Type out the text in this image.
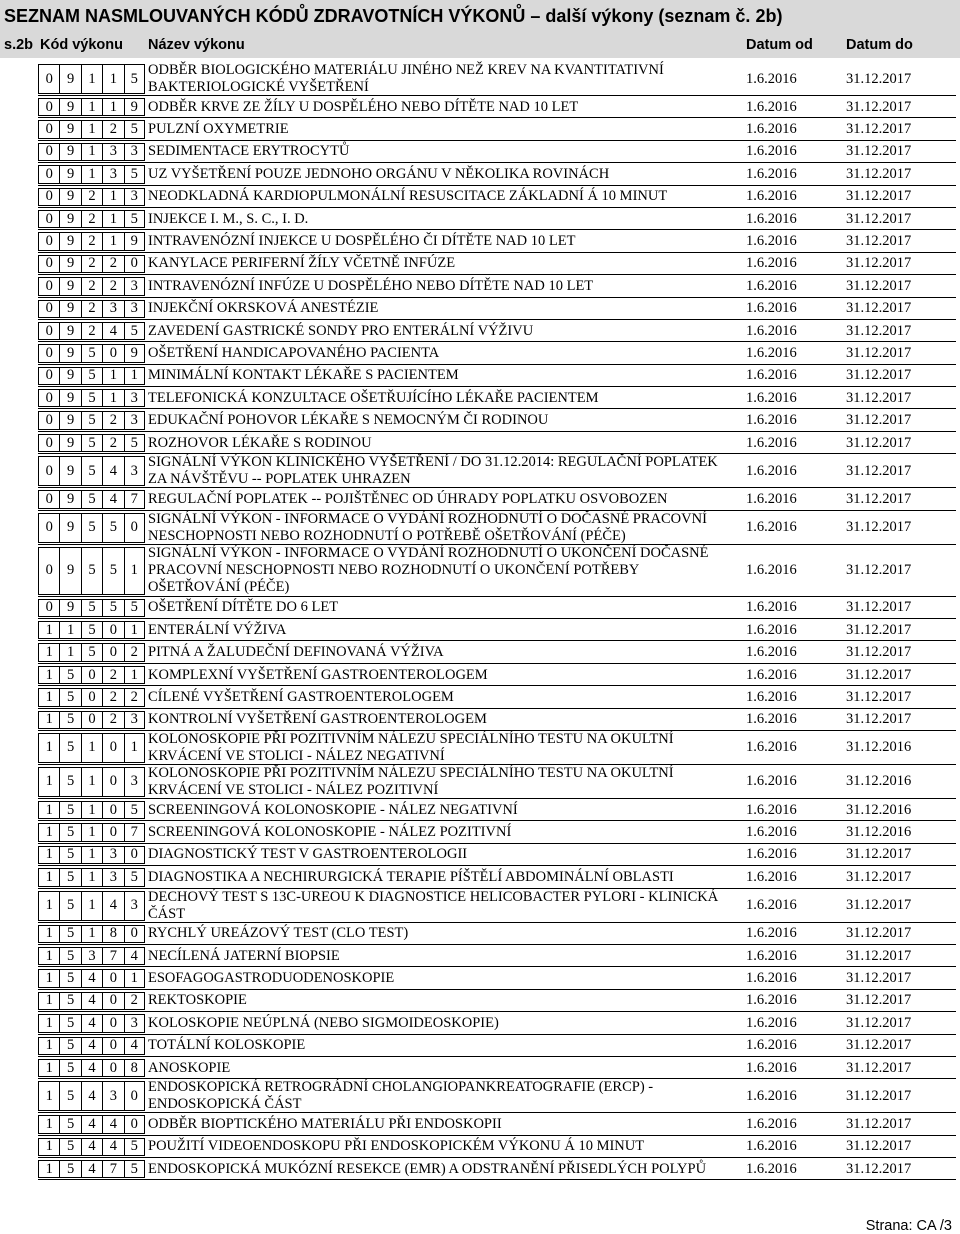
SEZNAM NASMLOUVANÝCH KÓDŮ ZDRAVOTNÍCH VÝKONŮ – další výkony (seznam č. 2b)
s.2b Kód výkonu Název výkonu	Datum od Datum do
0 9 1 1 5
ODBĚR BIOLOGICKÉHO MATERIÁLU JINÉHO NEŽ KREV NA KVANTITATIVNÍ
BAKTERIOLOGICKÉ VYŠETŘENÍ
1.6.2016	31.12.2017
0 9 1 1 9 ODBĚR KRVE ZE ŽÍLY U DOSPĚLÉHO NEBO DÍTĚTE NAD 10 LET	1.6.2016	31.12.2017
0 9 1 2 5 PULZNÍ OXYMETRIE	1.6.2016	31.12.2017
0 9 1 3 3 SEDIMENTACE ERYTROCYTŮ	1.6.2016	31.12.2017
0 9 1 3 5 UZ VYŠETŘENÍ POUZE JEDNOHO ORGÁNU V NĚKOLIKA ROVINÁCH	1.6.2016	31.12.2017
0 9 2 1 3 NEODKLADNÁ KARDIOPULMONÁLNÍ RESUSCITACE ZÁKLADNÍ Á 10 MINUT	1.6.2016	31.12.2017
0 9 2 1 5 INJEKCE I. M., S. C., I. D.	1.6.2016	31.12.2017
0 9 2 1 9 INTRAVENÓZNÍ INJEKCE U DOSPĚLÉHO ČI DÍTĚTE NAD 10 LET	1.6.2016	31.12.2017
0 9 2 2 0 KANYLACE PERIFERNÍ ŽÍLY VČETNĚ INFÚZE	1.6.2016	31.12.2017
0 9 2 2 3 INTRAVENÓZNÍ INFÚZE U DOSPĚLÉHO NEBO DÍTĚTE NAD 10 LET	1.6.2016	31.12.2017
0 9 2 3 3 INJEKČNÍ OKRSKOVÁ ANESTÉZIE	1.6.2016	31.12.2017
0 9 2 4 5 ZAVEDENÍ GASTRICKÉ SONDY PRO ENTERÁLNÍ VÝŽIVU	1.6.2016	31.12.2017
0 9 5 0 9 OŠETŘENÍ HANDICAPOVANÉHO PACIENTA	1.6.2016	31.12.2017
0 9 5 1 1 MINIMÁLNÍ KONTAKT LÉKAŘE S PACIENTEM	1.6.2016	31.12.2017
0 9 5 1 3 TELEFONICKÁ KONZULTACE OŠETŘUJÍCÍHO LÉKAŘE PACIENTEM	1.6.2016	31.12.2017
0 9 5 2 3 EDUKAČNÍ POHOVOR LÉKAŘE S NEMOCNÝM ČI RODINOU	1.6.2016	31.12.2017
0 9 5 2 5 ROZHOVOR LÉKAŘE S RODINOU	1.6.2016	31.12.2017
0 9 5 4 3
SIGNÁLNÍ VÝKON KLINICKÉHO VYŠETŘENÍ / DO 31.12.2014: REGULAČNÍ POPLATEK
ZA NÁVŠTĚVU -- POPLATEK UHRAZEN
1.6.2016	31.12.2017
0 9 5 4 7 REGULAČNÍ POPLATEK -- POJIŠTĚNEC OD ÚHRADY POPLATKU OSVOBOZEN	1.6.2016	31.12.2017
0 9 5 5 0
SIGNÁLNÍ VÝKON - INFORMACE O VYDÁNÍ ROZHODNUTÍ O DOČASNÉ PRACOVNÍ
NESCHOPNOSTI NEBO ROZHODNUTÍ O POTŘEBĚ OŠETŘOVÁNÍ (PÉČE)
1.6.2016	31.12.2017
0 9 5 5 1
SIGNÁLNÍ VÝKON - INFORMACE O VYDÁNÍ ROZHODNUTÍ O UKONČENÍ DOČASNÉ
PRACOVNÍ NESCHOPNOSTI NEBO ROZHODNUTÍ O UKONČENÍ POTŘEBY
OŠETŘOVÁNÍ (PÉČE)
1.6.2016	31.12.2017
0 9 5 5 5 OŠETŘENÍ DÍTĚTE DO 6 LET	1.6.2016	31.12.2017
1 1 5 0 1 ENTERÁLNÍ VÝŽIVA	1.6.2016	31.12.2017
1 1 5 0 2 PITNÁ A ŽALUDEČNÍ DEFINOVANÁ VÝŽIVA	1.6.2016	31.12.2017
1 5 0 2 1 KOMPLEXNÍ VYŠETŘENÍ GASTROENTEROLOGEM	1.6.2016	31.12.2017
1 5 0 2 2 CÍLENÉ VYŠETŘENÍ GASTROENTEROLOGEM	1.6.2016	31.12.2017
1 5 0 2 3 KONTROLNÍ VYŠETŘENÍ GASTROENTEROLOGEM	1.6.2016	31.12.2017
1 5 1 0 1
KOLONOSKOPIE PŘI POZITIVNÍM NÁLEZU SPECIÁLNÍHO TESTU NA OKULTNÍ
KRVÁCENÍ VE STOLICI - NÁLEZ NEGATIVNÍ
1.6.2016	31.12.2016
1 5 1 0 3
KOLONOSKOPIE PŘI POZITIVNÍM NÁLEZU SPECIÁLNÍHO TESTU NA OKULTNÍ
KRVÁCENÍ VE STOLICI - NÁLEZ POZITIVNÍ
1.6.2016	31.12.2016
1 5 1 0 5 SCREENINGOVÁ KOLONOSKOPIE - NÁLEZ NEGATIVNÍ	1.6.2016	31.12.2016
1 5 1 0 7 SCREENINGOVÁ KOLONOSKOPIE - NÁLEZ POZITIVNÍ	1.6.2016	31.12.2016
1 5 1 3 0 DIAGNOSTICKÝ TEST V GASTROENTEROLOGII	1.6.2016	31.12.2017
1 5 1 3 5 DIAGNOSTIKA A NECHIRURGICKÁ TERAPIE PÍŠTĚLÍ ABDOMINÁLNÍ OBLASTI	1.6.2016	31.12.2017
1 5 1 4 3
DECHOVÝ TEST S 13C-UREOU K DIAGNOSTICE HELICOBACTER PYLORI - KLINICKÁ
ČÁST
1.6.2016	31.12.2017
1 5 1 8 0 RYCHLÝ UREÁZOVÝ TEST (CLO TEST)	1.6.2016	31.12.2017
1 5 3 7 4 NECÍLENÁ JATERNÍ BIOPSIE	1.6.2016	31.12.2017
1 5 4 0 1 ESOFAGOGASTRODUODENOSKOPIE	1.6.2016	31.12.2017
1 5 4 0 2 REKTOSKOPIE	1.6.2016	31.12.2017
1 5 4 0 3 KOLOSKOPIE NEÚPLNÁ (NEBO SIGMOIDEOSKOPIE)	1.6.2016	31.12.2017
1 5 4 0 4 TOTÁLNÍ KOLOSKOPIE	1.6.2016	31.12.2017
1 5 4 0 8 ANOSKOPIE	1.6.2016	31.12.2017
1 5 4 3 0
ENDOSKOPICKÁ RETROGRÁDNÍ CHOLANGIOPANKREATOGRAFIE (ERCP) -
ENDOSKOPICKÁ ČÁST
1.6.2016	31.12.2017
1 5 4 4 0 ODBĚR BIOPTICKÉHO MATERIÁLU PŘI ENDOSKOPII	1.6.2016	31.12.2017
1 5 4 4 5 POUŽITÍ VIDEOENDOSKOPU PŘI ENDOSKOPICKÉM VÝKONU Á 10 MINUT	1.6.2016	31.12.2017
1 5 4 7 5 ENDOSKOPICKÁ MUKÓZNÍ RESEKCE (EMR) A ODSTRANĚNÍ PŘISEDLÝCH POLYPŮ	1.6.2016	31.12.2017
Strana: CA /3
